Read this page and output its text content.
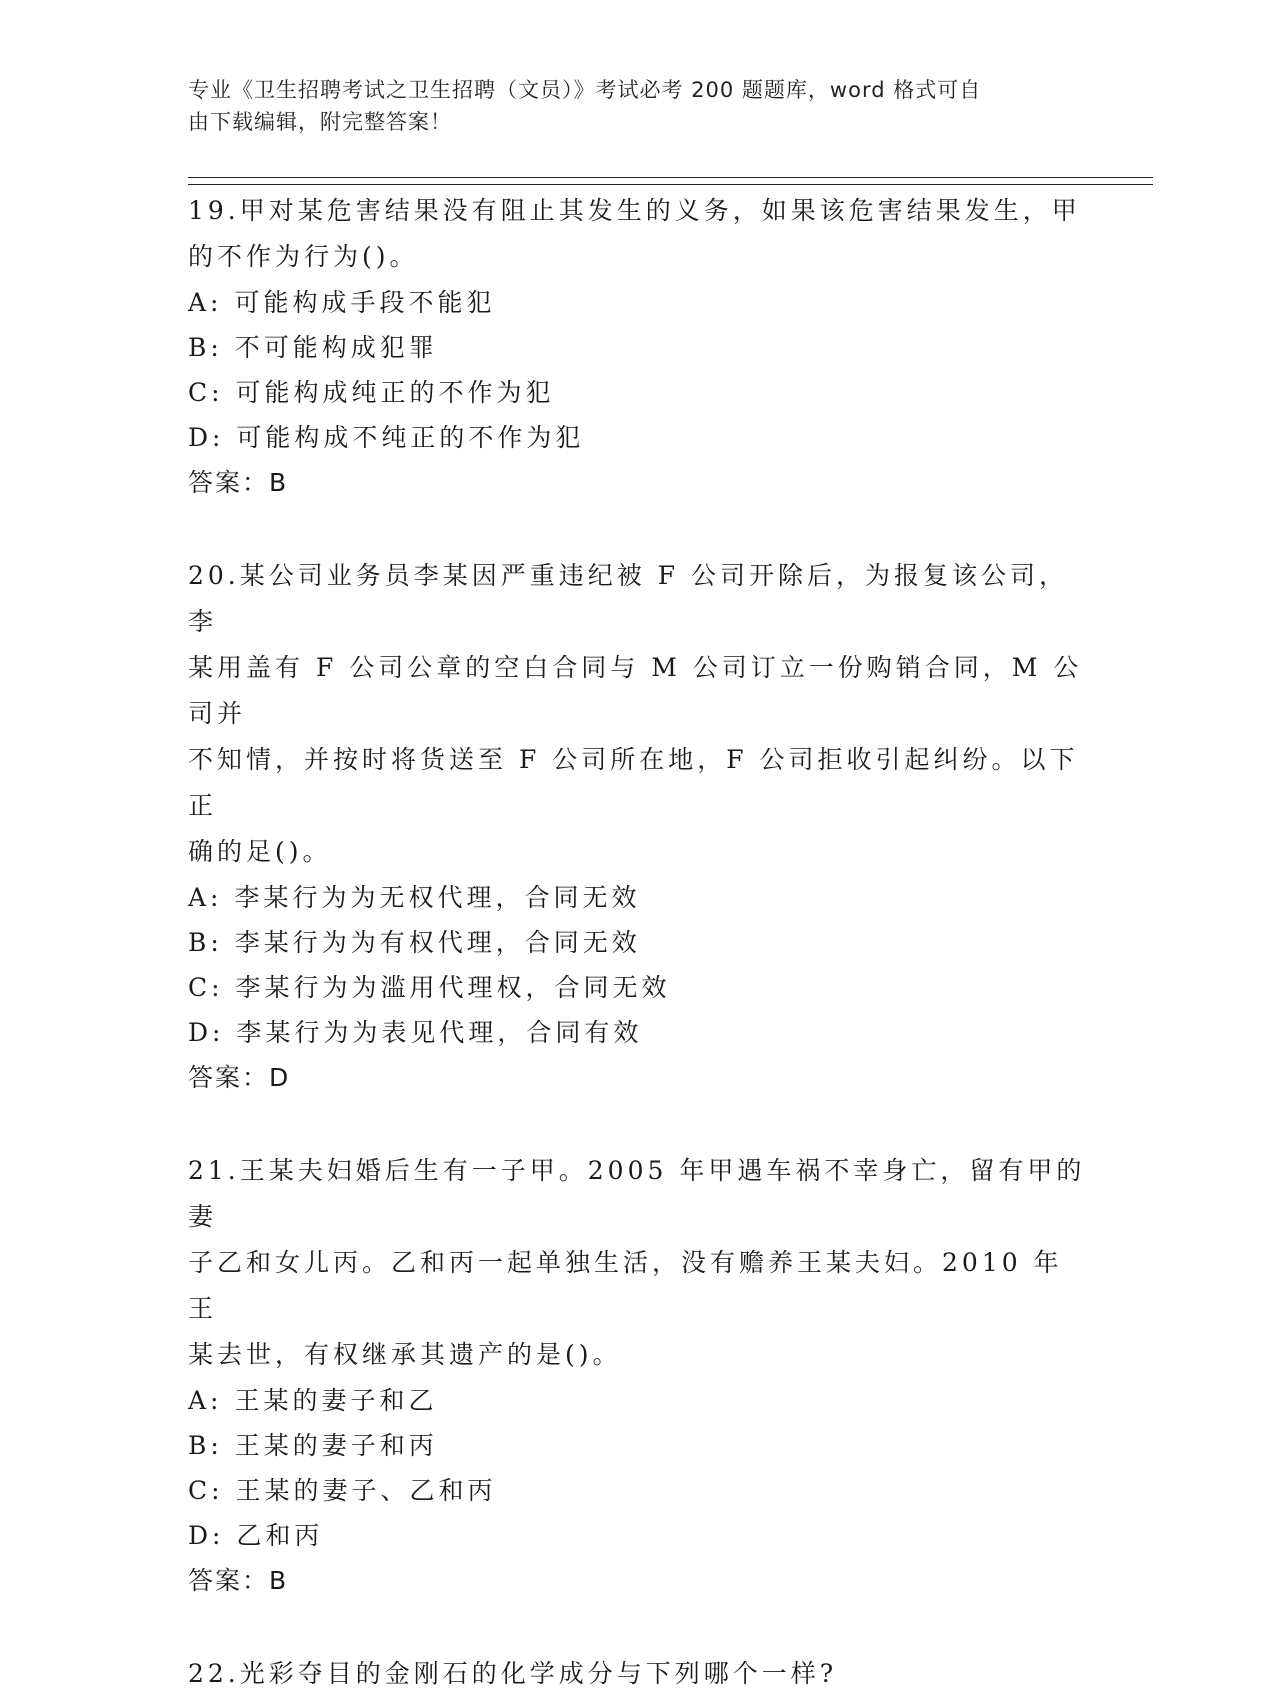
专业《卫生招聘考试之卫生招聘（文员）》考试必考 200 题题库，word 格式可自
由下载编辑，附完整答案！

19.甲对某危害结果没有阻止其发生的义务，如果该危害结果发生，甲

的不作为行为()。

A: 可能构成手段不能犯

B: 不可能构成犯罪

C: 可能构成纯正的不作为犯

D: 可能构成不纯正的不作为犯

答案：B

20.某公司业务员李某因严重违纪被 F 公司开除后，为报复该公司，李

某用盖有 F 公司公章的空白合同与 M 公司订立一份购销合同，M 公司并

不知情，并按时将货送至 F 公司所在地，F 公司拒收引起纠纷。以下正

确的足()。

A: 李某行为为无权代理，合同无效

B: 李某行为为有权代理，合同无效

C: 李某行为为滥用代理权，合同无效

D: 李某行为为表见代理，合同有效

答案：D

21.王某夫妇婚后生有一子甲。2005 年甲遇车祸不幸身亡，留有甲的妻

子乙和女儿丙。乙和丙一起单独生活，没有赡养王某夫妇。2010 年王

某去世，有权继承其遗产的是()。

A: 王某的妻子和乙

B: 王某的妻子和丙

C: 王某的妻子、乙和丙

D: 乙和丙

答案：B

22.光彩夺目的金刚石的化学成分与下列哪个一样?
